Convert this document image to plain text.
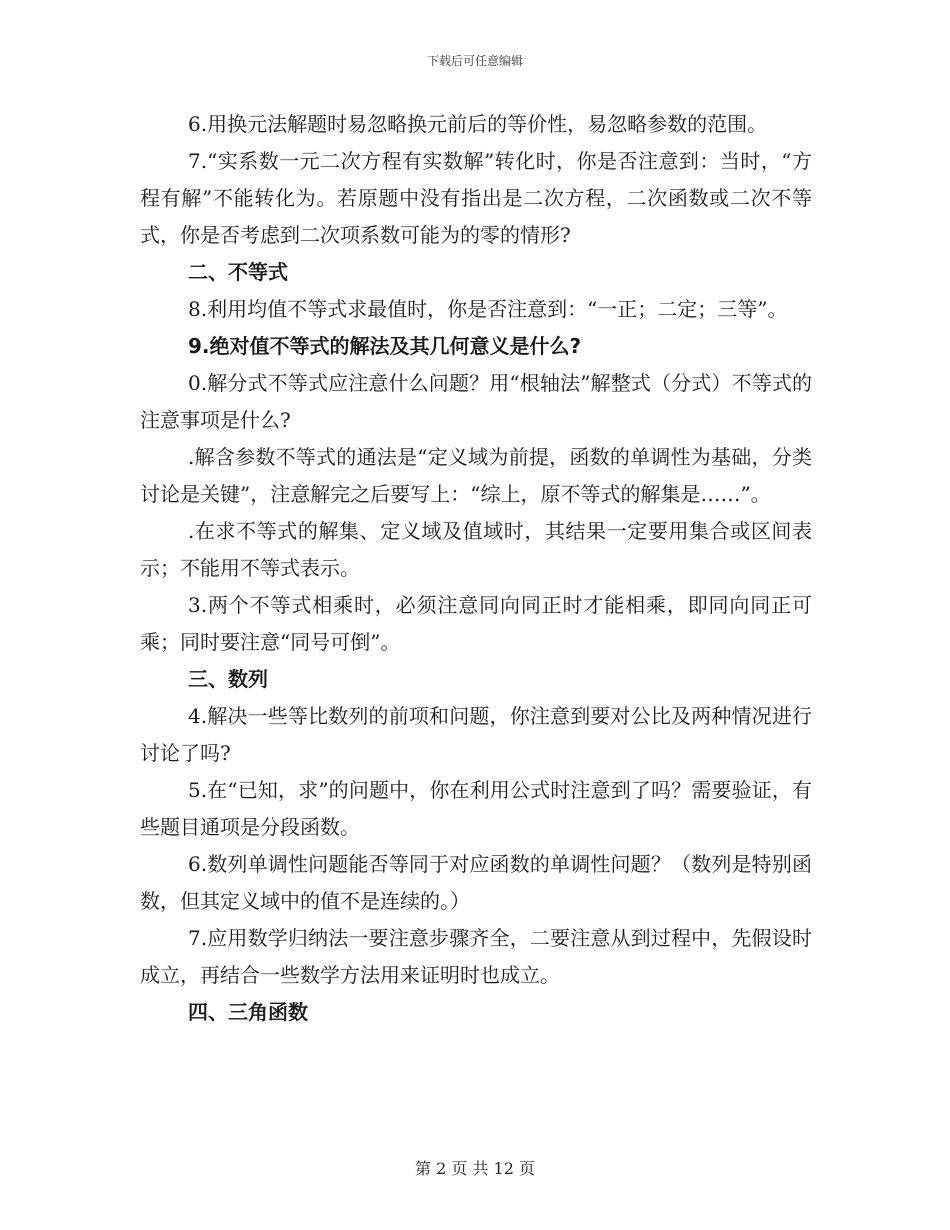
下载后可任意编辑

6.用换元法解题时易忽略换元前后的等价性，易忽略参数的范围。

7.“实系数一元二次方程有实数解”转化时，你是否注意到：当时，“方程有解”不能转化为。若原题中没有指出是二次方程，二次函数或二次不等式，你是否考虑到二次项系数可能为的零的情形?

二、不等式

8.利用均值不等式求最值时，你是否注意到：“一正；二定；三等”。

9.绝对值不等式的解法及其几何意义是什么?

0.解分式不等式应注意什么问题？用“根轴法”解整式（分式）不等式的注意事项是什么?

.解含参数不等式的通法是“定义域为前提，函数的单调性为基础，分类讨论是关键”，注意解完之后要写上：“综上，原不等式的解集是……”。

.在求不等式的解集、定义域及值域时，其结果一定要用集合或区间表示；不能用不等式表示。

3.两个不等式相乘时，必须注意同向同正时才能相乘，即同向同正可乘；同时要注意“同号可倒”。

三、数列

4.解决一些等比数列的前项和问题，你注意到要对公比及两种情况进行讨论了吗?

5.在“已知，求”的问题中，你在利用公式时注意到了吗？需要验证，有些题目通项是分段函数。

6.数列单调性问题能否等同于对应函数的单调性问题？（数列是特别函数，但其定义域中的值不是连续的。）

7.应用数学归纳法一要注意步骤齐全，二要注意从到过程中，先假设时成立，再结合一些数学方法用来证明时也成立。

四、三角函数

第 2 页 共 12 页
